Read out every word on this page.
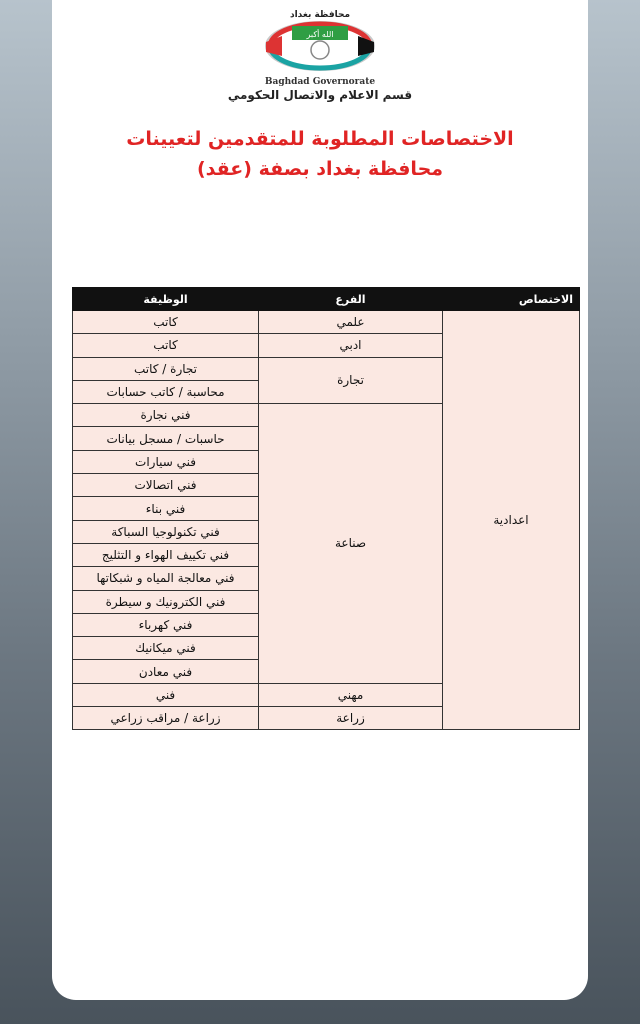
محافظة بغداد
الله أكبر
Baghdad Governorate
قسم الاعلام والاتصال الحكومي
الاختصاصات المطلوبة للمتقدمين لتعيينات
محافظة بغداد بصفة (عقد)
الاختصاص	الفرع	الوظيفة
اعدادية	علمي	كاتب
	ادبي	كاتب
	تجارة	تجارة / كاتب
		محاسبة / كاتب حسابات
	صناعة	فني نجارة
		حاسبات / مسجل بيانات
		فني سيارات
		فني اتصالات
		فني بناء
		فني تكنولوجيا السباكة
		فني تكييف الهواء و التثليج
		فني معالجة المياه و شبكاتها
		فني الكترونيك و سيطرة
		فني كهرباء
		فني ميكانيك
		فني معادن
	مهني	فني
	زراعة	زراعة / مراقب زراعي
